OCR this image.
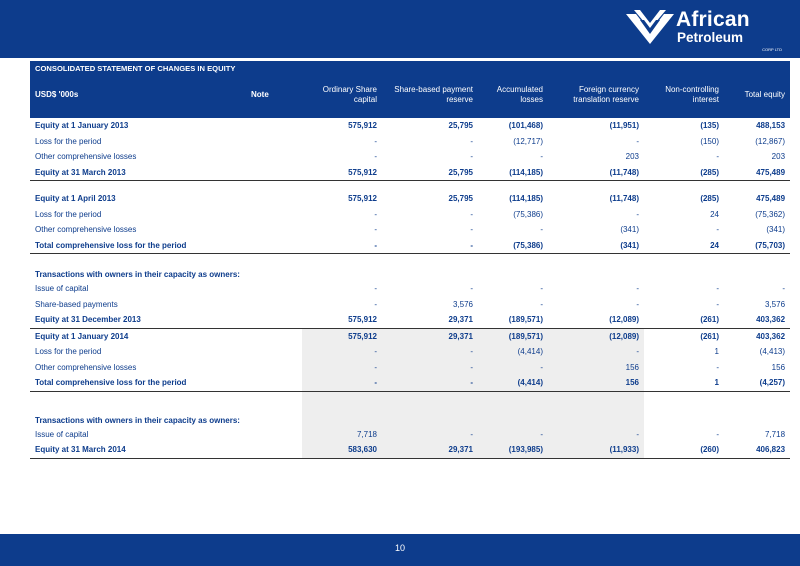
African
Petroleum
CORP LTD
CONSOLIDATED STATEMENT OF CHANGES IN EQUITY							
USD$ '000s	Note	Ordinary Share capital	Share-based payment reserve	Accumulated losses	Foreign currency translation reserve	Non-controlling interest	Total equity
Equity at 1 January 2013		575,912	25,795	(101,468)	(11,951)	(135)	488,153
Loss for the period		-	-	(12,717)	-	(150)	(12,867)
Other comprehensive losses		-	-	-	203	-	203
Equity at 31 March 2013		575,912	25,795	(114,185)	(11,748)	(285)	475,489

Equity at 1 April 2013		575,912	25,795	(114,185)	(11,748)	(285)	475,489
Loss for the period		-	-	(75,386)	-	24	(75,362)
Other comprehensive losses		-	-	-	(341)	-	(341)
Total comprehensive loss for the period		-	-	(75,386)	(341)	24	(75,703)
Transactions with owners in their capacity as owners:							
Issue of capital		-	-	-	-	-	-
Share-based payments		-	3,576	-	-	-	3,576
Equity at 31 December 2013		575,912	29,371	(189,571)	(12,089)	(261)	403,362
Equity at 1 January 2014		575,912	29,371	(189,571)	(12,089)	(261)	403,362
Loss for the period		-	-	(4,414)	-	1	(4,413)
Other comprehensive losses		-	-	-	156	-	156
Total comprehensive loss for the period		-	-	(4,414)	156	1	(4,257)
Transactions with owners in their capacity as owners:							
Issue of capital		7,718	-	-	-	-	7,718
Equity at 31 March 2014		583,630	29,371	(193,985)	(11,933)	(260)	406,823
10
